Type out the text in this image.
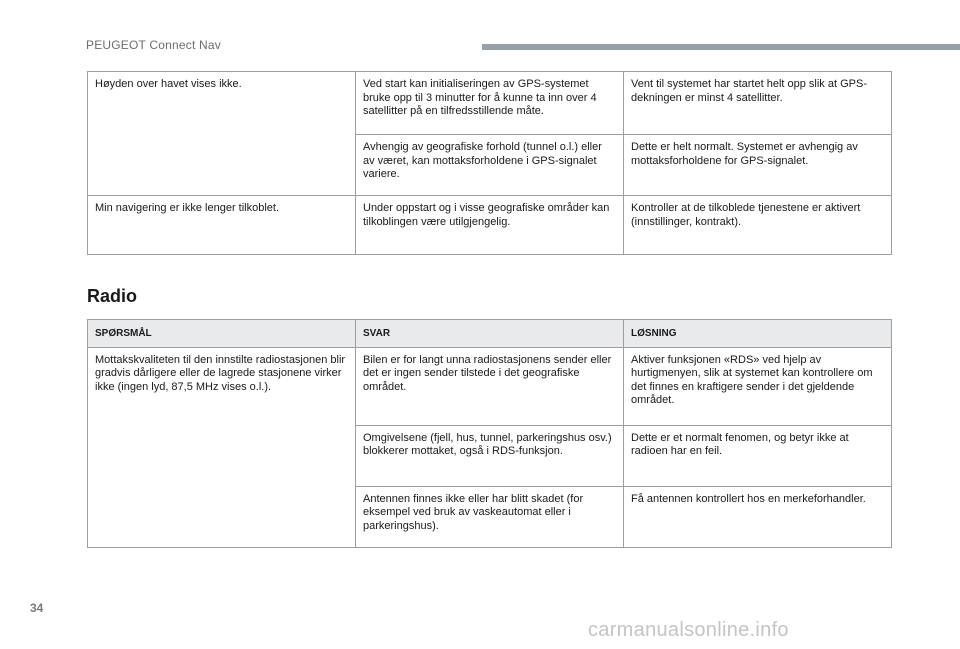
PEUGEOT Connect Nav
Høyden over havet vises ikke.	Ved start kan initialiseringen av GPS-systemet bruke opp til 3 minutter for å kunne ta inn over 4 satellitter på en tilfredsstillende måte.	Vent til systemet har startet helt opp slik at GPS-dekningen er minst 4 satellitter.
	Avhengig av geografiske forhold (tunnel o.l.) eller av været, kan mottaksforholdene i GPS-signalet variere.	Dette er helt normalt. Systemet er avhengig av mottaksforholdene for GPS-signalet.
Min navigering er ikke lenger tilkoblet.	Under oppstart og i visse geografiske områder kan tilkoblingen være utilgjengelig.	Kontroller at de tilkoblede tjenestene er aktivert (innstillinger, kontrakt).
Radio
SPØRSMÅL	SVAR	LØSNING
Mottakskvaliteten til den innstilte radiostasjonen blir gradvis dårligere eller de lagrede stasjonene virker ikke (ingen lyd, 87,5 MHz vises o.l.).	Bilen er for langt unna radiostasjonens sender eller det er ingen sender tilstede i det geografiske området.	Aktiver funksjonen «RDS» ved hjelp av hurtigmenyen, slik at systemet kan kontrollere om det finnes en kraftigere sender i det gjeldende området.
	Omgivelsene (fjell, hus, tunnel, parkeringshus osv.) blokkerer mottaket, også i RDS-funksjon.	Dette er et normalt fenomen, og betyr ikke at radioen har en feil.
	Antennen finnes ikke eller har blitt skadet (for eksempel ved bruk av vaskeautomat eller i parkeringshus).	Få antennen kontrollert hos en merkeforhandler.
34
carmanualsonline.info
